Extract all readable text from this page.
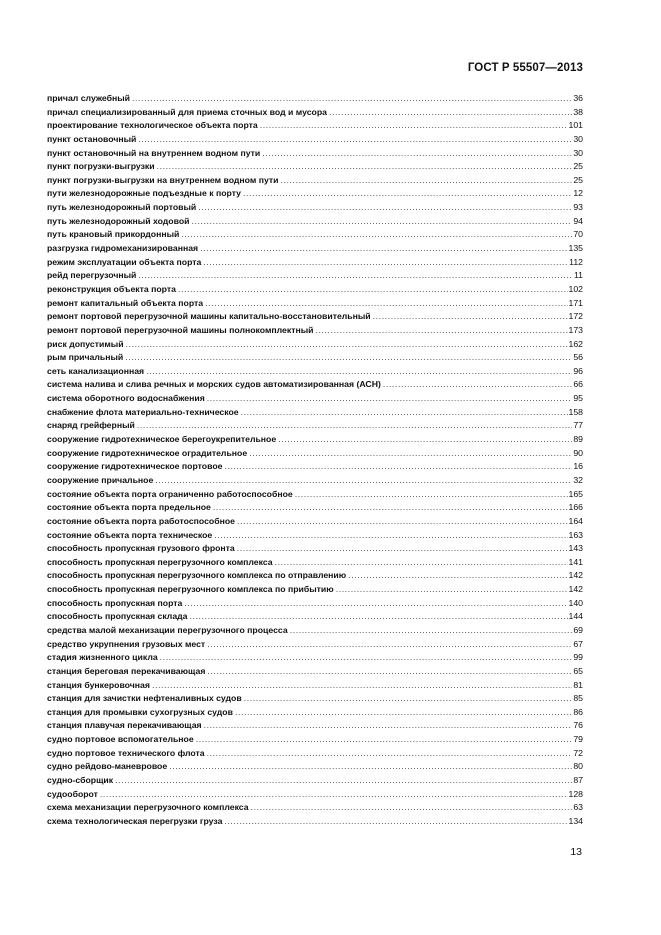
ГОСТ Р 55507—2013
причал служебный .....	36
причал специализированный для приема сточных вод и мусора .....	38
проектирование технологическое объекта порта .....	101
пункт остановочный .....	30
пункт остановочный на внутреннем водном пути .....	30
пункт погрузки-выгрузки .....	25
пункт погрузки-выгрузки на внутреннем водном пути .....	25
пути железнодорожные подъездные к порту .....	12
путь железнодорожный портовый .....	93
путь железнодорожный ходовой .....	94
путь крановый прикордонный .....	70
разгрузка гидромеханизированная .....	135
режим эксплуатации объекта порта .....	112
рейд перегрузочный .....	11
реконструкция объекта порта .....	102
ремонт капитальный объекта порта .....	171
ремонт портовой перегрузочной машины капитально-восстановительный .....	172
ремонт портовой перегрузочной машины полнокомплектный .....	173
риск допустимый .....	162
рым причальный .....	56
сеть канализационная .....	96
система налива и слива речных и морских судов автоматизированная (АСН) .....	66
система оборотного водоснабжения .....	95
снабжение флота материально-техническое .....	158
снаряд грейферный .....	77
сооружение гидротехническое берегоукрепительное .....	89
сооружение гидротехническое оградительное .....	90
сооружение гидротехническое портовое .....	16
сооружение причальное .....	32
состояние объекта порта ограниченно работоспособное .....	165
состояние объекта порта предельное .....	166
состояние объекта порта работоспособное .....	164
состояние объекта порта техническое .....	163
способность пропускная грузового фронта .....	143
способность пропускная перегрузочного комплекса .....	141
способность пропускная перегрузочного комплекса по отправлению .....	142
способность пропускная перегрузочного комплекса по прибытию .....	142
способность пропускная порта .....	140
способность пропускная склада .....	144
средства малой механизации перегрузочного процесса .....	69
средство укрупнения грузовых мест .....	67
стадия жизненного цикла .....	99
станция береговая перекачивающая .....	65
станция бункеровочная .....	81
станция для зачистки нефтеналивных судов .....	85
станция для промывки сухогрузных судов .....	86
станция плавучая перекачивающая .....	76
судно портовое вспомогательное .....	79
судно портовое технического флота .....	72
судно рейдово-маневровое .....	80
судно-сборщик .....	87
судооборот .....	128
схема механизации перегрузочного комплекса .....	63
схема технологическая перегрузки груза .....	134
13
